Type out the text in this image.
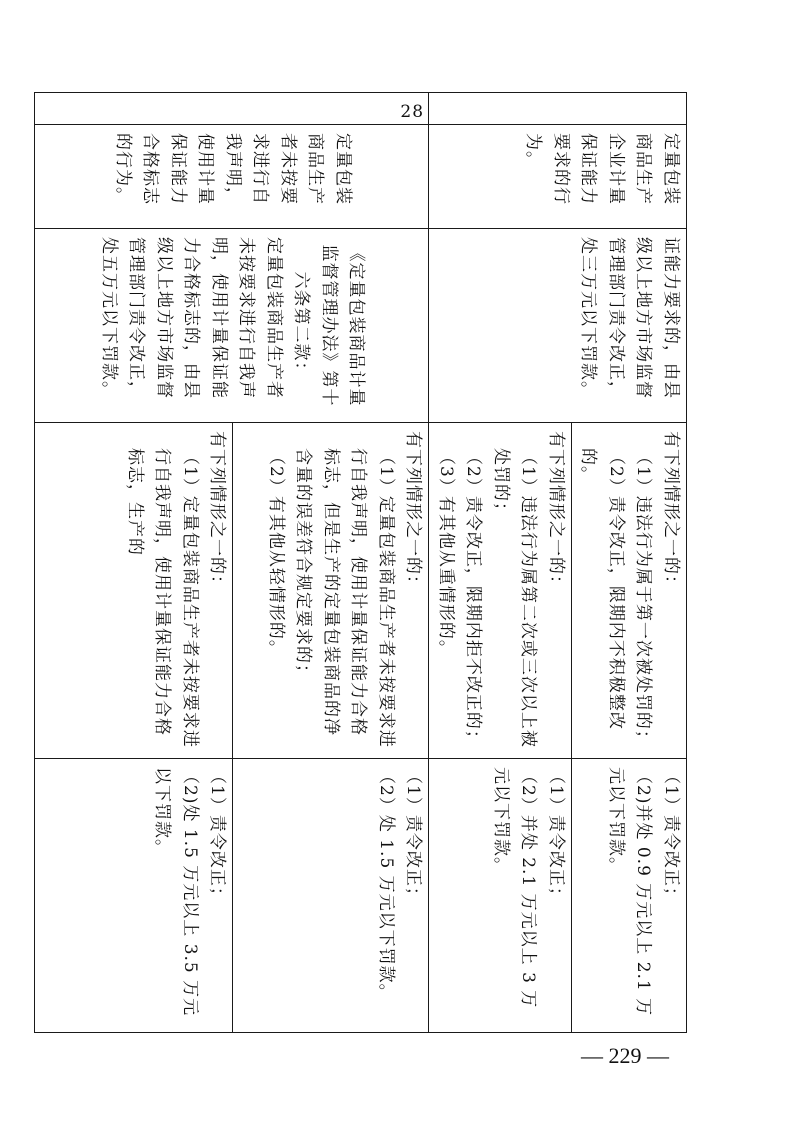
	定量包装商品生产企业计量保证能力要求的行为。	证能力要求的，由县级以上地方市场监督管理部门责令改正，处三万元以下罚款。	有下列情形之一的：
（1）违法行为属于第一次被处罚的；
（2）责令改正，限期内不积极整改的。	（1）责令改正；
（2)并处 0.9 万元以上 2.1 万元以下罚款。

			有下列情形之一的：
（1）违法行为属第二次或三次以上被处罚的；
（2）责令改正，限期内拒不改正的；
（3）有其他从重情形的。	（1）责令改正；
（2）并处 2.1 万元以上 3 万元以下罚款。

28	定量包装商品生产者未按要求进行自我声明，使用计量保证能力合格标志的行为。	《定量包装商品计量监督管理办法》第十六条第二款：
定量包装商品生产者未按要求进行自我声明，使用计量保证能力合格标志的，由县级以上地方市场监督管理部门责令改正，处五万元以下罚款。	有下列情形之一的：
（1）定量包装商品生产者未按要求进行自我声明，使用计量保证能力合格标志，但是生产的定量包装商品的净含量的误差符合规定要求的；
（2）有其他从轻情形的。	（1）责令改正；
（2）处 1.5 万元以下罚款。

			有下列情形之一的：
（1）定量包装商品生产者未按要求进行自我声明，使用计量保证能力合格标志，生产的	（1）责令改正；
（2)处 1.5 万元以上 3.5 万元以下罚款。
— 229 —
